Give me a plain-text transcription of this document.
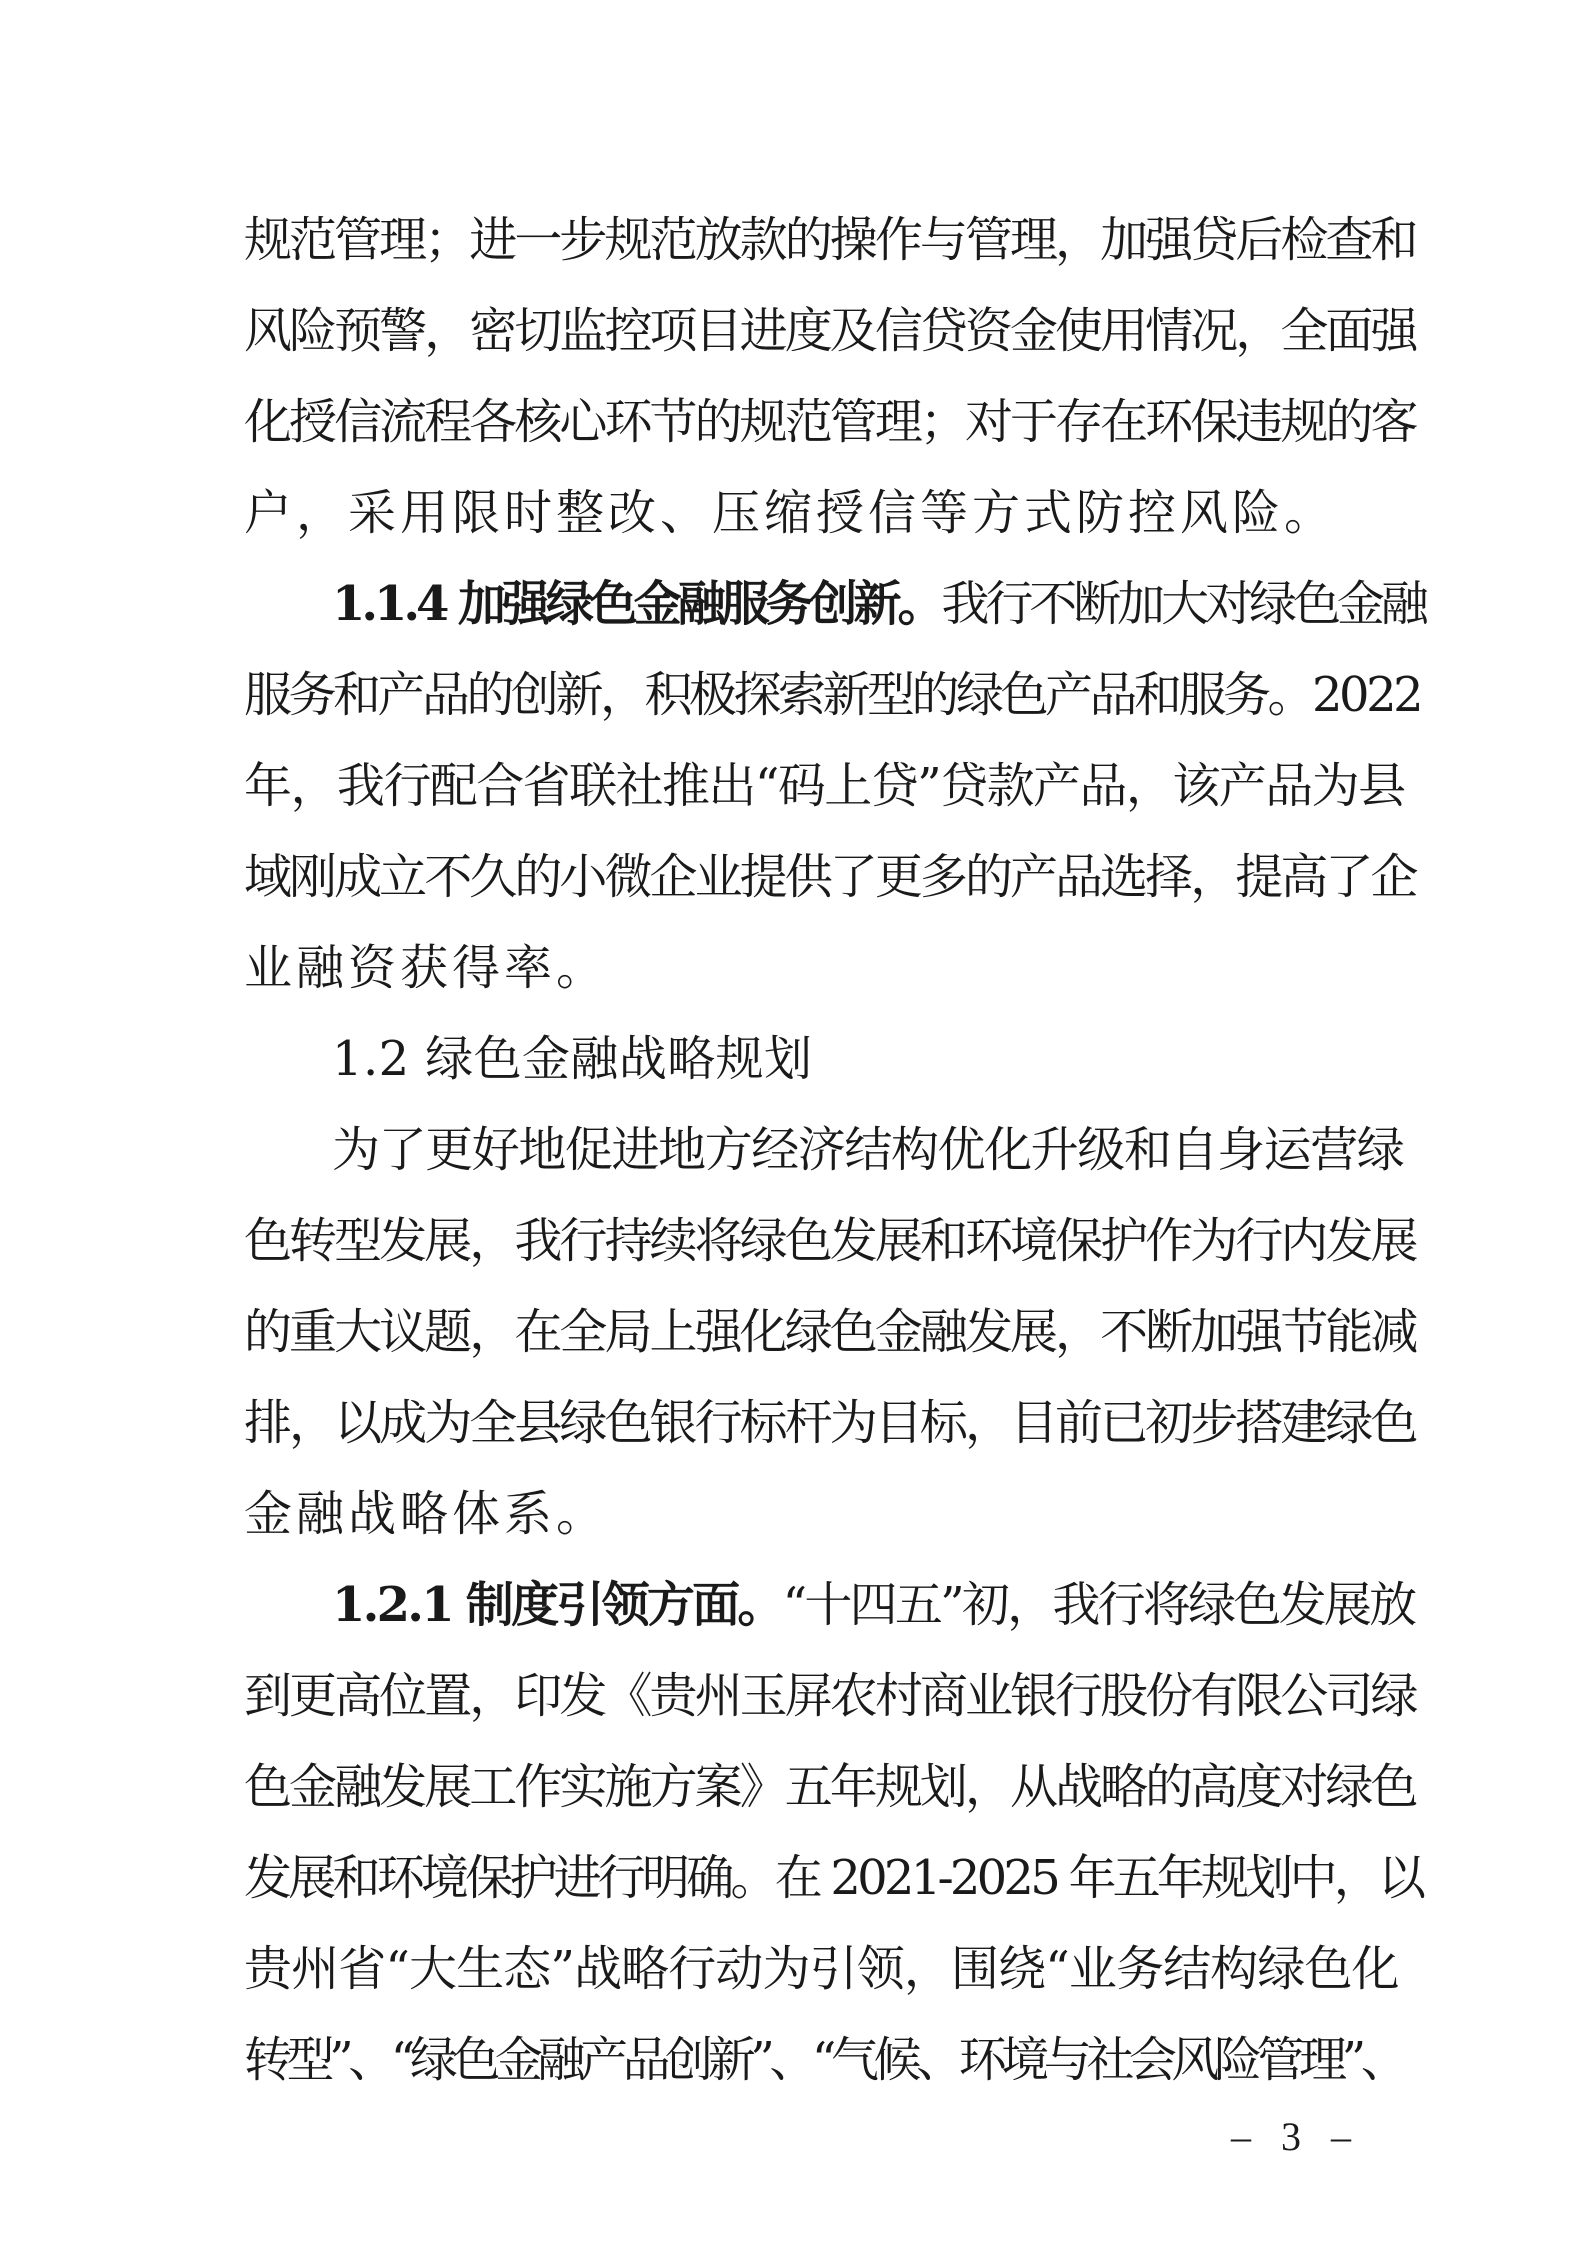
规范管理；进一步规范放款的操作与管理，加强贷后检查和
风险预警，密切监控项目进度及信贷资金使用情况，全面强
化授信流程各核心环节的规范管理；对于存在环保违规的客
户，采用限时整改、压缩授信等方式防控风险。
1.1.4 加强绿色金融服务创新。我行不断加大对绿色金融
服务和产品的创新，积极探索新型的绿色产品和服务。2022
年，我行配合省联社推出“码上贷”贷款产品，该产品为县
域刚成立不久的小微企业提供了更多的产品选择，提高了企
业融资获得率。
1.2 绿色金融战略规划
为了更好地促进地方经济结构优化升级和自身运营绿
色转型发展，我行持续将绿色发展和环境保护作为行内发展
的重大议题，在全局上强化绿色金融发展，不断加强节能减
排，以成为全县绿色银行标杆为目标，目前已初步搭建绿色
金融战略体系。
1.2.1 制度引领方面。“十四五”初，我行将绿色发展放
到更高位置，印发《贵州玉屏农村商业银行股份有限公司绿
色金融发展工作实施方案》五年规划，从战略的高度对绿色
发展和环境保护进行明确。在 2021-2025 年五年规划中，以
贵州省“大生态”战略行动为引领，围绕“业务结构绿色化
转型”、“绿色金融产品创新”、“气候、环境与社会风险管理”、
– 3 –
